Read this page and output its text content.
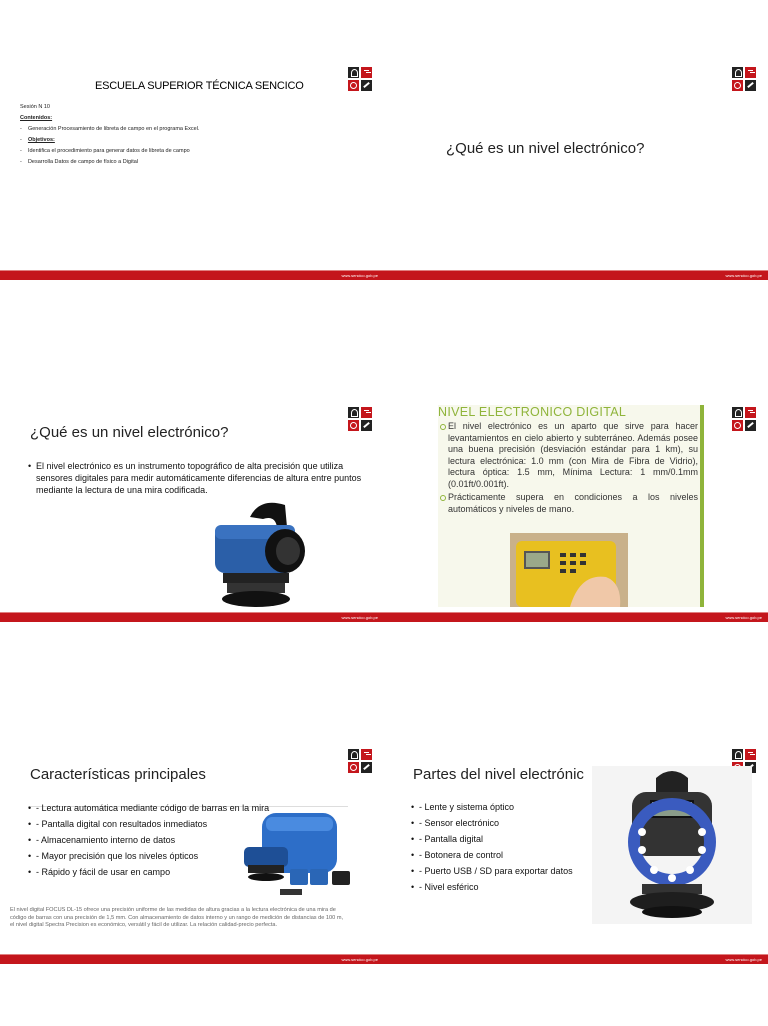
ESCUELA SUPERIOR TÉCNICA SENCICO
Sesión N 10
Contenidos:
-    Generación Procesamiento de libreta de campo en el programa Excel.
-    Objetivos:
-    Identifica el procedimiento para generar datos de libreta de campo
-    Desarrolla Datos de campo de físico a Digital
www.sencico.gob.pe
¿Qué es un nivel electrónico?
www.sencico.gob.pe
¿Qué es un nivel electrónico?
• El nivel electrónico es un instrumento topográfico de alta precisión que utiliza sensores digitales para medir automáticamente diferencias de altura entre puntos mediante la lectura de una mira codificada.
www.sencico.gob.pe	www.sencico.gob.pe
NIVEL ELECTRONICO DIGITAL
El nivel electrónico es un aparto que sirve para hacer levantamientos en cielo abierto y subterráneo. Además posee una buena precisión (desviación estándar para 1 km), su lectura electrónica: 1.0 mm (con Mira de Fibra de Vidrio), lectura óptica: 1.5 mm, Mínima Lectura: 1 mm/0.1mm (0.01ft/0.001ft).
Prácticamente supera en condiciones a los niveles automáticos y niveles de mano.
Características principales
• - Lectura automática mediante código de barras en la mira
• - Pantalla digital con resultados inmediatos
• - Almacenamiento interno de datos
• - Mayor precisión que los niveles ópticos
• - Rápido y fácil de usar en campo
www.sencico.gob.pe
El nivel digital FOCUS DL-15 ofrece una precisión uniforme de las medidas de altura gracias a la lectura electrónica de una mira de código de barras con una precisión de 1,5 mm. Con almacenamiento de datos interno y un rango de medición de distancias de 100 m, el nivel digital Spectra Precision es económico, versátil y fácil de utilizar. La relación calidad-precio perfecta.
Partes del nivel electrónic
• - Lente y sistema óptico
• - Sensor electrónico
• - Pantalla digital
• - Botonera de control
• - Puerto USB / SD para exportar datos
• - Nivel esférico
www.sencico.gob.pe
